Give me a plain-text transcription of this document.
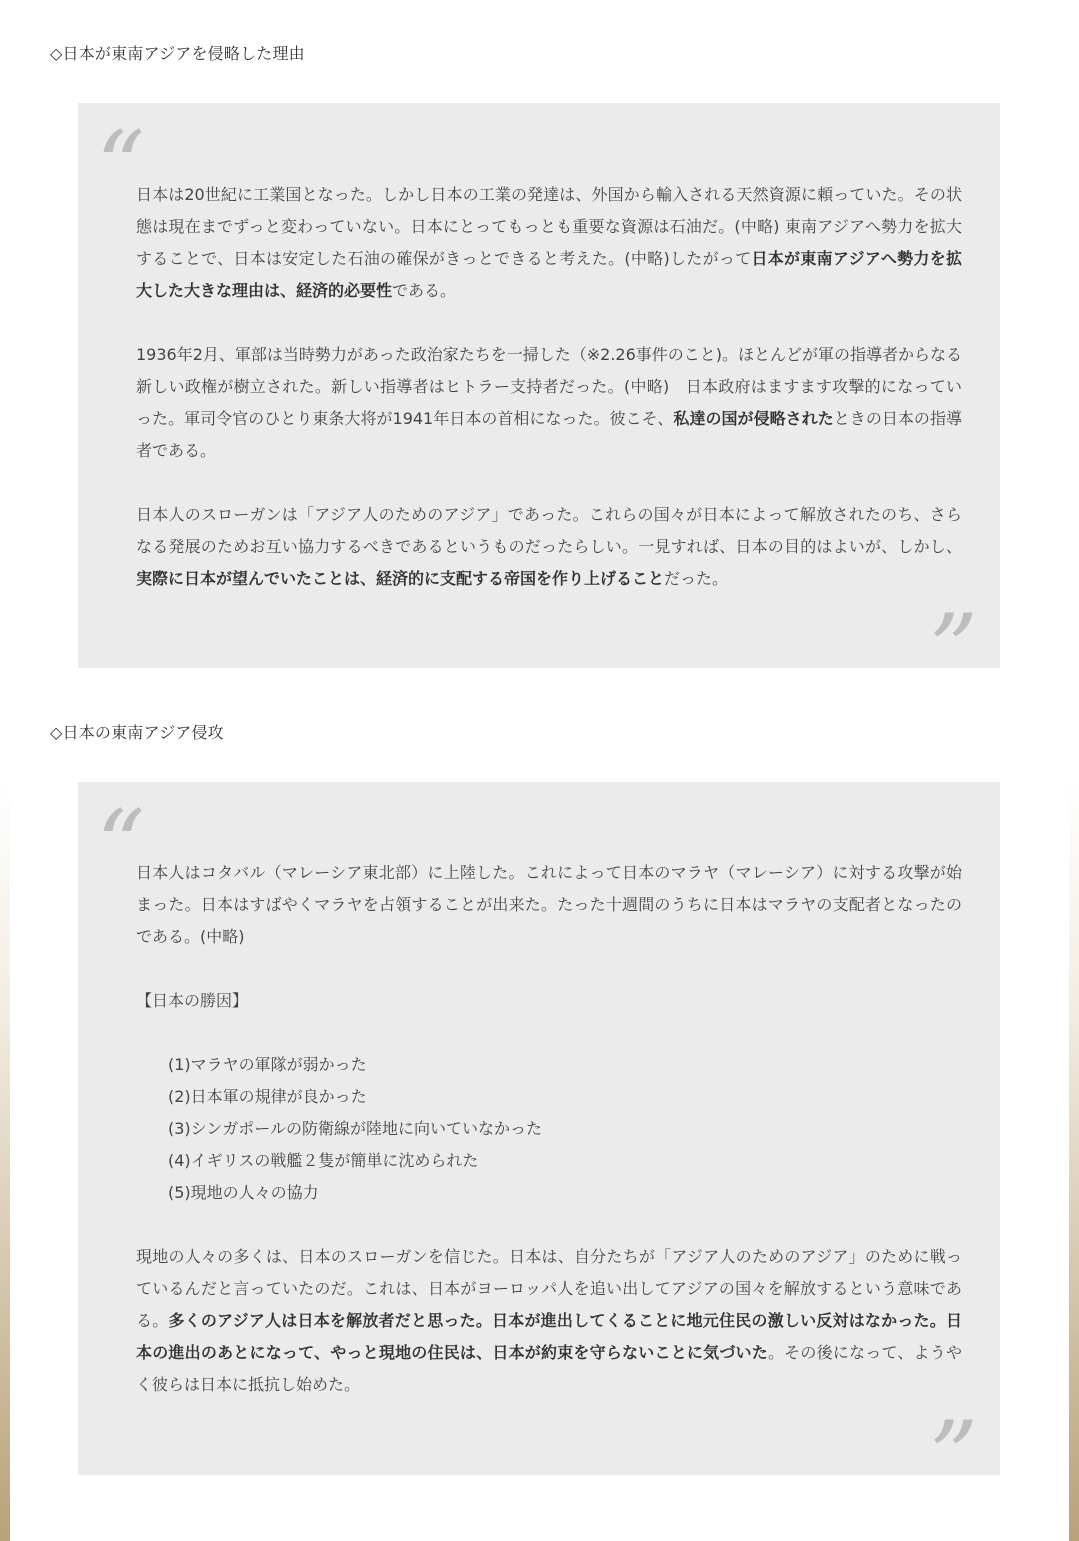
◇日本が東南アジアを侵略した理由
“

日本は20世紀に工業国となった。しかし日本の工業の発達は、外国から輸入される天然資源に頼っていた。その状態は現在までずっと変わっていない。日本にとってもっとも重要な資源は石油だ。(中略) 東南アジアへ勢力を拡大することで、日本は安定した石油の確保がきっとできると考えた。(中略)したがって日本が東南アジアへ勢力を拡大した大きな理由は、経済的必要性である。

1936年2月、軍部は当時勢力があった政治家たちを一掃した（※2.26事件のこと)。ほとんどが軍の指導者からなる新しい政権が樹立された。新しい指導者はヒトラー支持者だった。(中略)　日本政府はますます攻撃的になっていった。軍司令官のひとり東条大将が1941年日本の首相になった。彼こそ、私達の国が侵略されたときの日本の指導者である。

日本人のスローガンは「アジア人のためのアジア」であった。これらの国々が日本によって解放されたのち、さらなる発展のためお互い協力するべきであるというものだったらしい。一見すれば、日本の目的はよいが、しかし、実際に日本が望んでいたことは、経済的に支配する帝国を作り上げることだった。

”
◇日本の東南アジア侵攻
“

日本人はコタバル（マレーシア東北部）に上陸した。これによって日本のマラヤ（マレーシア）に対する攻撃が始まった。日本はすばやくマラヤを占領することが出来た。たった十週間のうちに日本はマラヤの支配者となったのである。(中略)

【日本の勝因】

(1)マラヤの軍隊が弱かった
(2)日本軍の規律が良かった
(3)シンガポールの防衛線が陸地に向いていなかった
(4)イギリスの戦艦２隻が簡単に沈められた
(5)現地の人々の協力

現地の人々の多くは、日本のスローガンを信じた。日本は、自分たちが「アジア人のためのアジア」のために戦っているんだと言っていたのだ。これは、日本がヨーロッパ人を追い出してアジアの国々を解放するという意味である。多くのアジア人は日本を解放者だと思った。日本が進出してくることに地元住民の激しい反対はなかった。日本の進出のあとになって、やっと現地の住民は、日本が約束を守らないことに気づいた。その後になって、ようやく彼らは日本に抵抗し始めた。

”
